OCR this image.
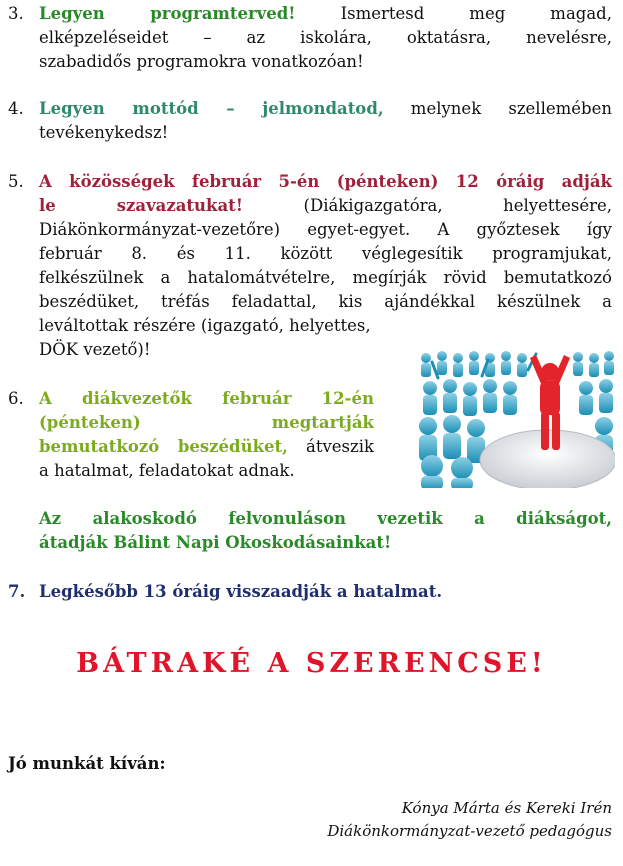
3. Legyen programterved!	Ismertesd meg magad,
elképzeléseidet – az iskolára, oktatásra, nevelésre,
szabadidős programokra vonatkozóan!
4. Legyen mottód – jelmondatod, melynek szellemében
tevékenykedsz!
5. A közösségek február 5-én (pénteken) 12 óráig adják
le szavazatukat!	(Diákigazgatóra, helyettesére,
Diákönkormányzat-vezetőre) egyet-egyet. A győztesek így
február 8. és 11. között véglegesítik programjukat,
felkészülnek a hatalomátvételre, megírják rövid bemutatkozó
beszédüket, tréfás feladattal, kis ajándékkal készülnek a
leváltottak részére (igazgató, helyettes,
DÖK vezető)!
6. A diákvezetők február 12-én
(pénteken) megtartják
bemutatkozó beszédüket, átveszik
a hatalmat, feladatokat adnak.
Az alakoskodó felvonuláson vezetik a diákságot,
átadják Bálint Napi Okoskodásainkat!
7. Legkésőbb 13 óráig visszaadják a hatalmat.
BÁTRAKÉ A SZERENCSE!
Jó munkát kíván:
Kónya Márta és Kereki Irén
Diákönkormányzat-vezető pedagógus
